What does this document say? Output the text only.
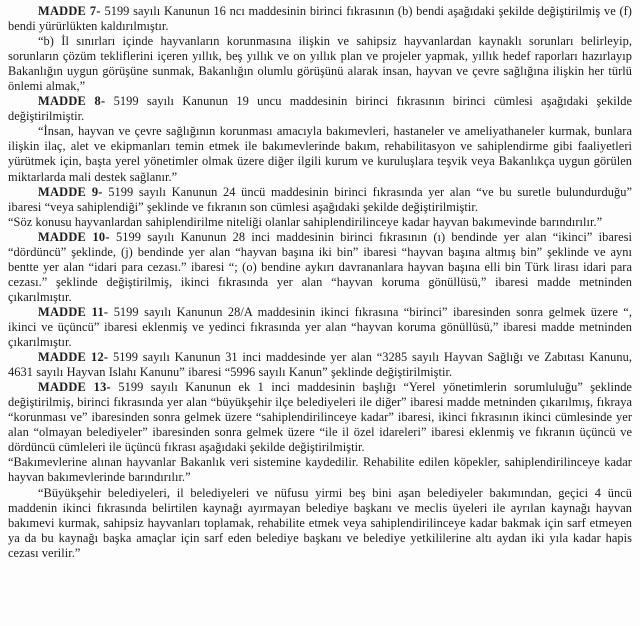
MADDE 7- 5199 sayılı Kanunun 16 ncı maddesinin birinci fıkrasının (b) bendi aşağıdaki şekilde değiştirilmiş ve (f) bendi yürürlükten kaldırılmıştır.

“b) İl sınırları içinde hayvanların korunmasına ilişkin ve sahipsiz hayvanlardan kaynaklı sorunları belirleyip, sorunların çözüm tekliflerini içeren yıllık, beş yıllık ve on yıllık plan ve projeler yapmak, yıllık hedef raporları hazırlayıp Bakanlığın uygun görüşüne sunmak, Bakanlığın olumlu görüşünü alarak insan, hayvan ve çevre sağlığına ilişkin her türlü önlemi almak,”

MADDE 8- 5199 sayılı Kanunun 19 uncu maddesinin birinci fıkrasının birinci cümlesi aşağıdaki şekilde değiştirilmiştir.

“İnsan, hayvan ve çevre sağlığının korunması amacıyla bakımevleri, hastaneler ve ameliyathaneler kurmak, bunlara ilişkin ilaç, alet ve ekipmanları temin etmek ile bakımevlerinde bakım, rehabilitasyon ve sahiplendirme gibi faaliyetleri yürütmek için, başta yerel yönetimler olmak üzere diğer ilgili kurum ve kuruluşlara teşvik veya Bakanlıkça uygun görülen miktarlarda mali destek sağlanır.”

MADDE 9- 5199 sayılı Kanunun 24 üncü maddesinin birinci fıkrasında yer alan “ve bu suretle bulundurduğu” ibaresi “veya sahiplendiği” şeklinde ve fıkranın son cümlesi aşağıdaki şekilde değiştirilmiştir.

“Söz konusu hayvanlardan sahiplendirilme niteliği olanlar sahiplendirilinceye kadar hayvan bakımevinde barındırılır.”

MADDE 10- 5199 sayılı Kanunun 28 inci maddesinin birinci fıkrasının (ı) bendinde yer alan “ikinci” ibaresi “dördüncü” şeklinde, (j) bendinde yer alan “hayvan başına iki bin” ibaresi “hayvan başına altmış bin” şeklinde ve aynı bentte yer alan “idari para cezası.” ibaresi “; (o) bendine aykırı davrananlara hayvan başına elli bin Türk lirası idari para cezası.” şeklinde değiştirilmiş, ikinci fıkrasında yer alan “hayvan koruma gönüllüsü,” ibaresi madde metninden çıkarılmıştır.

MADDE 11- 5199 sayılı Kanunun 28/A maddesinin ikinci fıkrasına “birinci” ibaresinden sonra gelmek üzere “, ikinci ve üçüncü” ibaresi eklenmiş ve yedinci fıkrasında yer alan “hayvan koruma gönüllüsü,” ibaresi madde metninden çıkarılmıştır.

MADDE 12- 5199 sayılı Kanunun 31 inci maddesinde yer alan “3285 sayılı Hayvan Sağlığı ve Zabıtası Kanunu, 4631 sayılı Hayvan Islahı Kanunu” ibaresi “5996 sayılı Kanun” şeklinde değiştirilmiştir.

MADDE 13- 5199 sayılı Kanunun ek 1 inci maddesinin başlığı “Yerel yönetimlerin sorumluluğu” şeklinde değiştirilmiş, birinci fıkrasında yer alan “büyükşehir ilçe belediyeleri ile diğer” ibaresi madde metninden çıkarılmış, fıkraya “korunması ve” ibaresinden sonra gelmek üzere “sahiplendirilinceye kadar” ibaresi, ikinci fıkrasının ikinci cümlesinde yer alan “olmayan belediyeler” ibaresinden sonra gelmek üzere “ile il özel idareleri” ibaresi eklenmiş ve fıkranın üçüncü ve dördüncü cümleleri ile üçüncü fıkrası aşağıdaki şekilde değiştirilmiştir.

“Bakımevlerine alınan hayvanlar Bakanlık veri sistemine kaydedilir. Rehabilite edilen köpekler, sahiplendirilinceye kadar hayvan bakımevlerinde barındırılır.”

“Büyükşehir belediyeleri, il belediyeleri ve nüfusu yirmi beş bini aşan belediyeler bakımından, geçici 4 üncü maddenin ikinci fıkrasında belirtilen kaynağı ayırmayan belediye başkanı ve meclis üyeleri ile ayrılan kaynağı hayvan bakımevi kurmak, sahipsiz hayvanları toplamak, rehabilite etmek veya sahiplendirilinceye kadar bakmak için sarf etmeyen ya da bu kaynağı başka amaçlar için sarf eden belediye başkanı ve belediye yetkililerine altı aydan iki yıla kadar hapis cezası verilir.”
